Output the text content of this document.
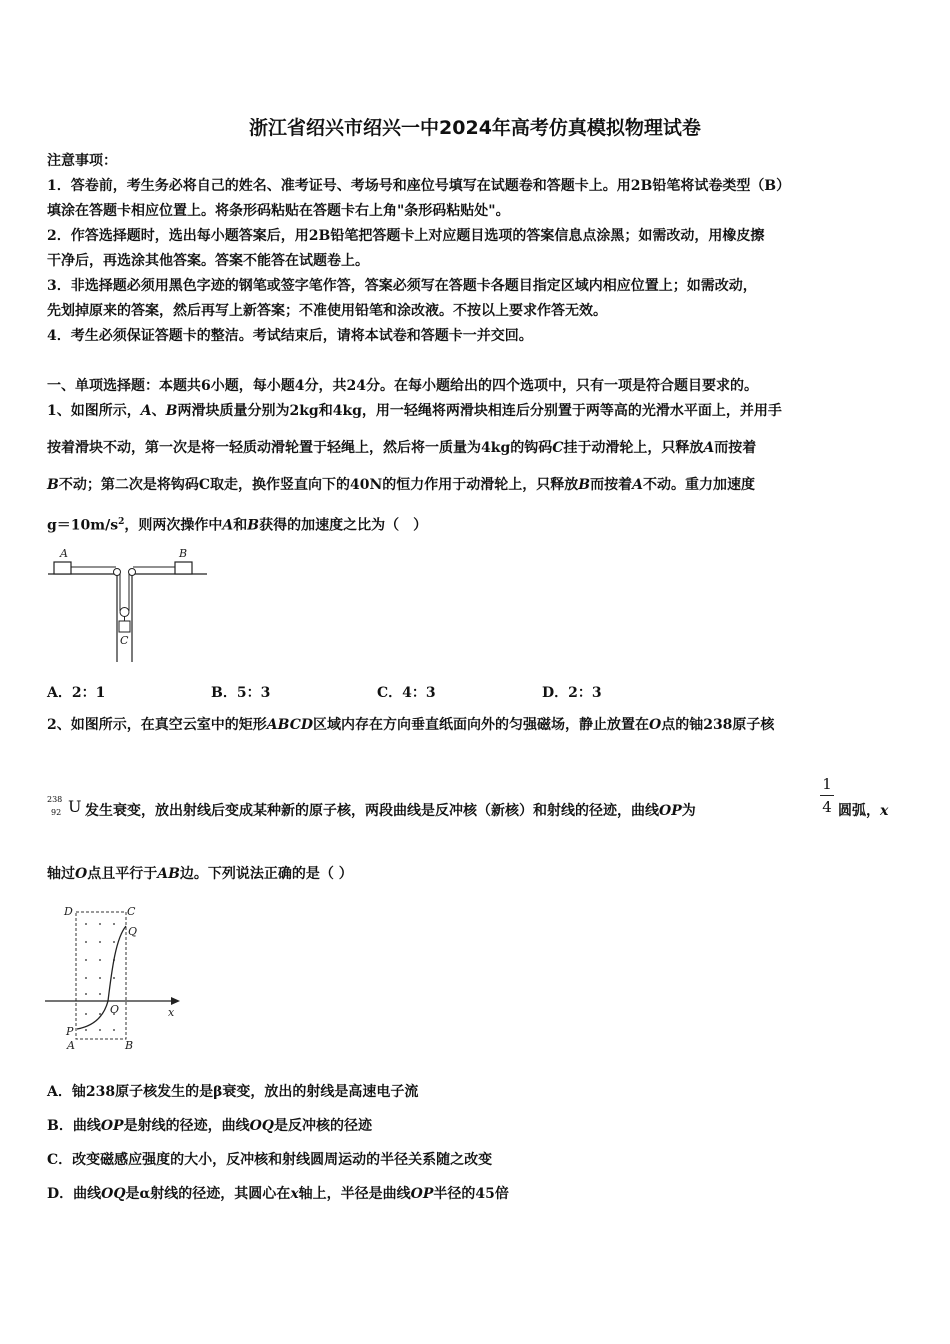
浙江省绍兴市绍兴一中2024年高考仿真模拟物理试卷
注意事项：
1．答卷前，考生务必将自己的姓名、准考证号、考场号和座位号填写在试题卷和答题卡上。用2B铅笔将试卷类型（B）
填涂在答题卡相应位置上。将条形码粘贴在答题卡右上角"条形码粘贴处"。
2．作答选择题时，选出每小题答案后，用2B铅笔把答题卡上对应题目选项的答案信息点涂黑；如需改动，用橡皮擦
干净后，再选涂其他答案。答案不能答在试题卷上。
3．非选择题必须用黑色字迹的钢笔或签字笔作答，答案必须写在答题卡各题目指定区域内相应位置上；如需改动，
先划掉原来的答案，然后再写上新答案；不准使用铅笔和涂改液。不按以上要求作答无效。
4．考生必须保证答题卡的整洁。考试结束后，请将本试卷和答题卡一并交回。
一、单项选择题：本题共6小题，每小题4分，共24分。在每小题给出的四个选项中，只有一项是符合题目要求的。
1、如图所示，A、B两滑块质量分别为2kg和4kg，用一轻绳将两滑块相连后分别置于两等高的光滑水平面上，并用手
按着滑块不动，第一次是将一轻质动滑轮置于轻绳上，然后将一质量为4kg的钩码C挂于动滑轮上，只释放A而按着
B不动；第二次是将钩码C取走，换作竖直向下的40N的恒力作用于动滑轮上，只释放B而按着A不动。重力加速度
$g=10m/s^2$，则两次操作中A和B获得的加速度之比为（　）
A	B
C
A．2：1	B．5：3	C．4：3	D．2：3
2、如图所示，在真空云室中的矩形ABCD区域内存在方向垂直纸面向外的匀强磁场，静止放置在O点的铀238原子核
238
92 U 发生衰变，放出射线后变成某种新的原子核，两段曲线是反冲核（新核）和射线的径迹，曲线OP为
1
4 圆弧，x
轴过O点且平行于AB边。下列说法正确的是（ ）
D	C
Q
O	x
P
A	B
A．铀238原子核发生的是β衰变，放出的射线是高速电子流
B．曲线OP是射线的径迹，曲线OQ是反冲核的径迹
C．改变磁感应强度的大小，反冲核和射线圆周运动的半径关系随之改变
D．曲线OQ是α射线的径迹，其圆心在x轴上，半径是曲线OP半径的45倍
